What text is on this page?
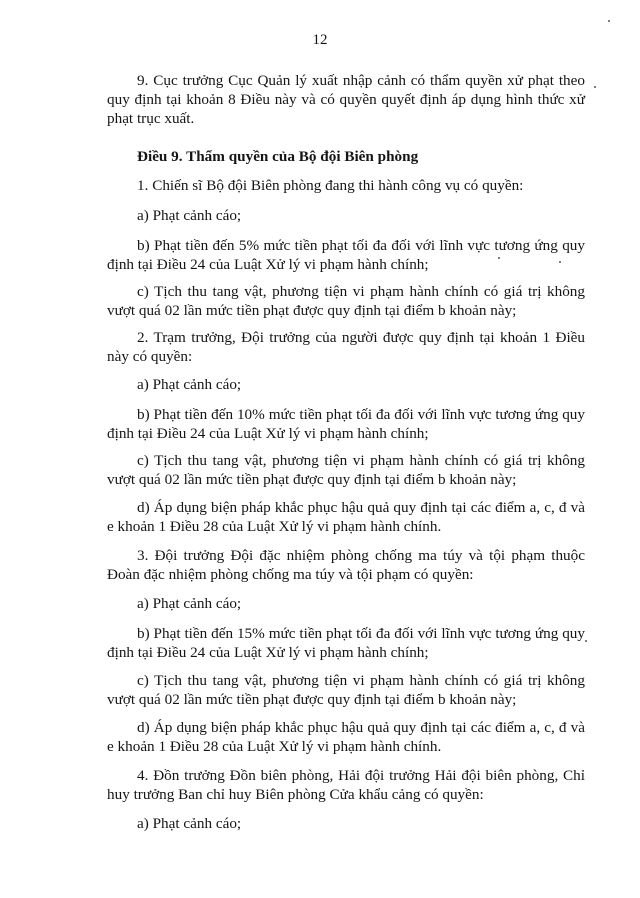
12

9. Cục trưởng Cục Quản lý xuất nhập cảnh có thẩm quyền xử phạt theo quy định tại khoản 8 Điều này và có quyền quyết định áp dụng hình thức xử phạt trục xuất.

Điều 9. Thẩm quyền của Bộ đội Biên phòng

1. Chiến sĩ Bộ đội Biên phòng đang thi hành công vụ có quyền:

a) Phạt cảnh cáo;

b) Phạt tiền đến 5% mức tiền phạt tối đa đối với lĩnh vực tương ứng quy định tại Điều 24 của Luật Xử lý vi phạm hành chính;

c) Tịch thu tang vật, phương tiện vi phạm hành chính có giá trị không vượt quá 02 lần mức tiền phạt được quy định tại điểm b khoản này;

2. Trạm trưởng, Đội trưởng của người được quy định tại khoản 1 Điều này có quyền:

a) Phạt cảnh cáo;

b) Phạt tiền đến 10% mức tiền phạt tối đa đối với lĩnh vực tương ứng quy định tại Điều 24 của Luật Xử lý vi phạm hành chính;

c) Tịch thu tang vật, phương tiện vi phạm hành chính có giá trị không vượt quá 02 lần mức tiền phạt được quy định tại điểm b khoản này;

d) Áp dụng biện pháp khắc phục hậu quả quy định tại các điểm a, c, đ và e khoản 1 Điều 28 của Luật Xử lý vi phạm hành chính.

3. Đội trưởng Đội đặc nhiệm phòng chống ma túy và tội phạm thuộc Đoàn đặc nhiệm phòng chống ma túy và tội phạm có quyền:

a) Phạt cảnh cáo;

b) Phạt tiền đến 15% mức tiền phạt tối đa đối với lĩnh vực tương ứng quy định tại Điều 24 của Luật Xử lý vi phạm hành chính;

c) Tịch thu tang vật, phương tiện vi phạm hành chính có giá trị không vượt quá 02 lần mức tiền phạt được quy định tại điểm b khoản này;

d) Áp dụng biện pháp khắc phục hậu quả quy định tại các điểm a, c, đ và e khoản 1 Điều 28 của Luật Xử lý vi phạm hành chính.

4. Đồn trưởng Đồn biên phòng, Hải đội trưởng Hải đội biên phòng, Chỉ huy trưởng Ban chỉ huy Biên phòng Cửa khẩu cảng có quyền:

a) Phạt cảnh cáo;
